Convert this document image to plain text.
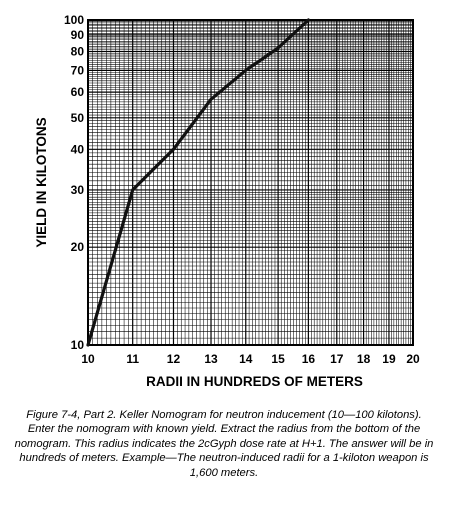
10	11 12 13 14 15 16 17 18 19 20
10
20
30
40
50
60
70
80
90
100
RADII IN HUNDREDS OF METERS
YIELD IN KILOTONS

Figure 7-4, Part 2. Keller Nomogram for neutron inducement (10—100 kilotons). Enter the nomogram with known yield. Extract the radius from the bottom of the nomogram. This radius indicates the 2cGyph dose rate at H+1. The answer will be in hundreds of meters. Example—The neutron-induced radii for a 1-kiloton weapon is 1,600 meters.
